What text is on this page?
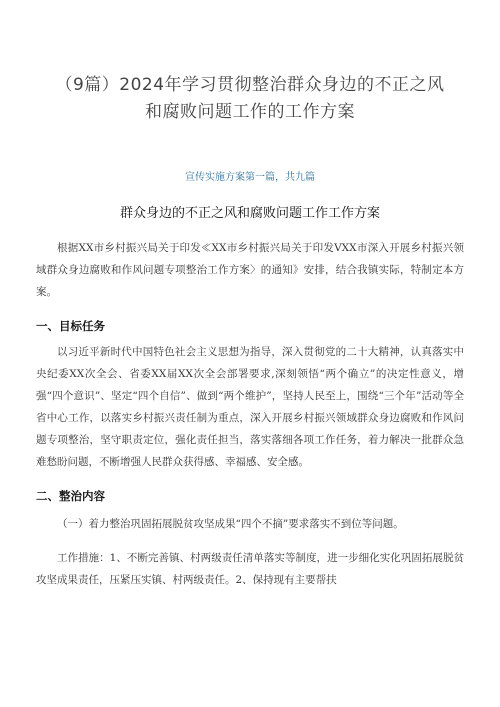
（9篇）2024年学习贯彻整治群众身边的不正之风
和腐败问题工作的工作方案
宣传实施方案第一篇，共九篇
群众身边的不正之风和腐败问题工作工作方案

根据XX市乡村振兴局关于印发≪XX市乡村振兴局关于印发VXX市深入开展乡村振兴领域群众身边腐败和作风问题专项整治工作方案〉的通知》安排，结合我镇实际，特制定本方案。

一、目标任务

以习近平新时代中国特色社会主义思想为指导，深入贯彻党的二十大精神，认真落实中央纪委XX次全会、省委XX届XX次全会部署要求,深刻领悟“两个确立”的决定性意义，增强“四个意识”、坚定“四个自信”、做到“两个维护”，坚持人民至上，围绕“三个年”活动等全省中心工作，以落实乡村振兴责任制为重点，深入开展乡村振兴领域群众身边腐败和作风问题专项整治，坚守职责定位，强化责任担当，落实落细各项工作任务，着力解决一批群众急难愁盼问题，不断增强人民群众获得感、幸福感、安全感。

二、整治内容

（一）着力整治巩固拓展脱贫攻坚成果“四个不摘”要求落实不到位等问题。

工作措施：1、不断完善镇、村两级责任清单落实等制度，进一步细化实化巩固拓展脱贫攻坚成果责任，压紧压实镇、村两级责任。2、保持现有主要帮扶
